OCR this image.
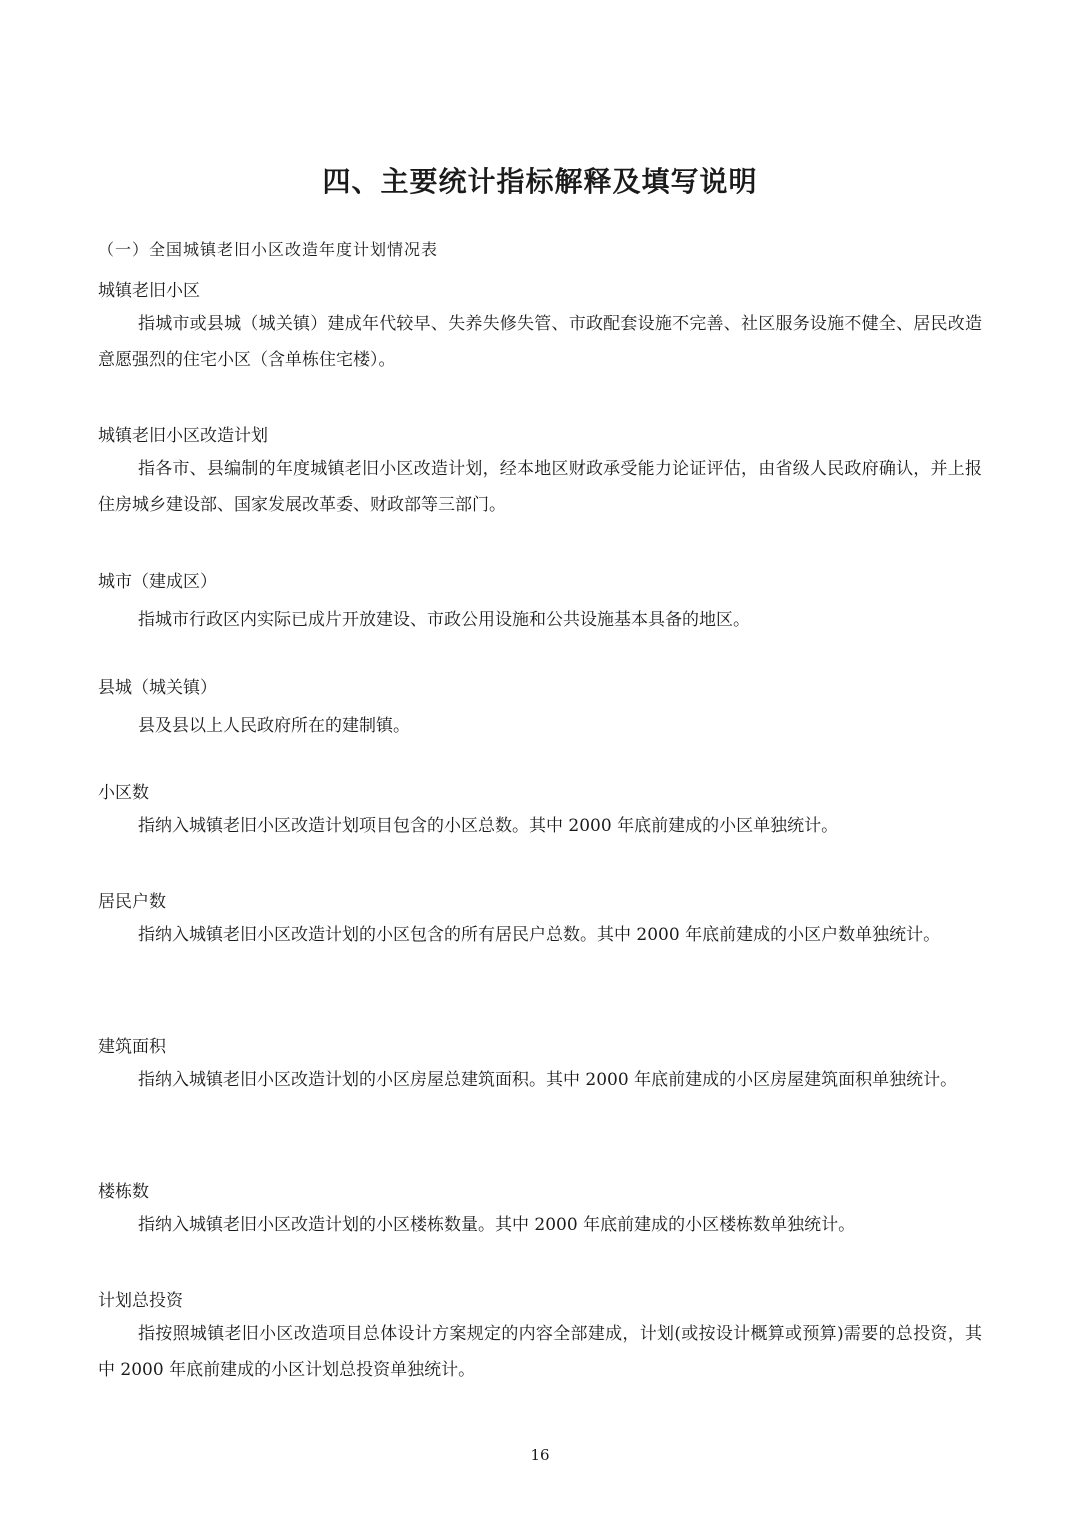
四、主要统计指标解释及填写说明
（一）全国城镇老旧小区改造年度计划情况表
城镇老旧小区
指城市或县城（城关镇）建成年代较早、失养失修失管、市政配套设施不完善、社区服务设施不健全、居民改造意愿强烈的住宅小区（含单栋住宅楼）。
城镇老旧小区改造计划
指各市、县编制的年度城镇老旧小区改造计划，经本地区财政承受能力论证评估，由省级人民政府确认，并上报住房城乡建设部、国家发展改革委、财政部等三部门。
城市（建成区）
指城市行政区内实际已成片开放建设、市政公用设施和公共设施基本具备的地区。
县城（城关镇）
县及县以上人民政府所在的建制镇。
小区数
指纳入城镇老旧小区改造计划项目包含的小区总数。其中 2000 年底前建成的小区单独统计。
居民户数
指纳入城镇老旧小区改造计划的小区包含的所有居民户总数。其中 2000 年底前建成的小区户数单独统计。
建筑面积
指纳入城镇老旧小区改造计划的小区房屋总建筑面积。其中 2000 年底前建成的小区房屋建筑面积单独统计。
楼栋数
指纳入城镇老旧小区改造计划的小区楼栋数量。其中 2000 年底前建成的小区楼栋数单独统计。
计划总投资
指按照城镇老旧小区改造项目总体设计方案规定的内容全部建成，计划(或按设计概算或预算)需要的总投资，其中 2000 年底前建成的小区计划总投资单独统计。
16
